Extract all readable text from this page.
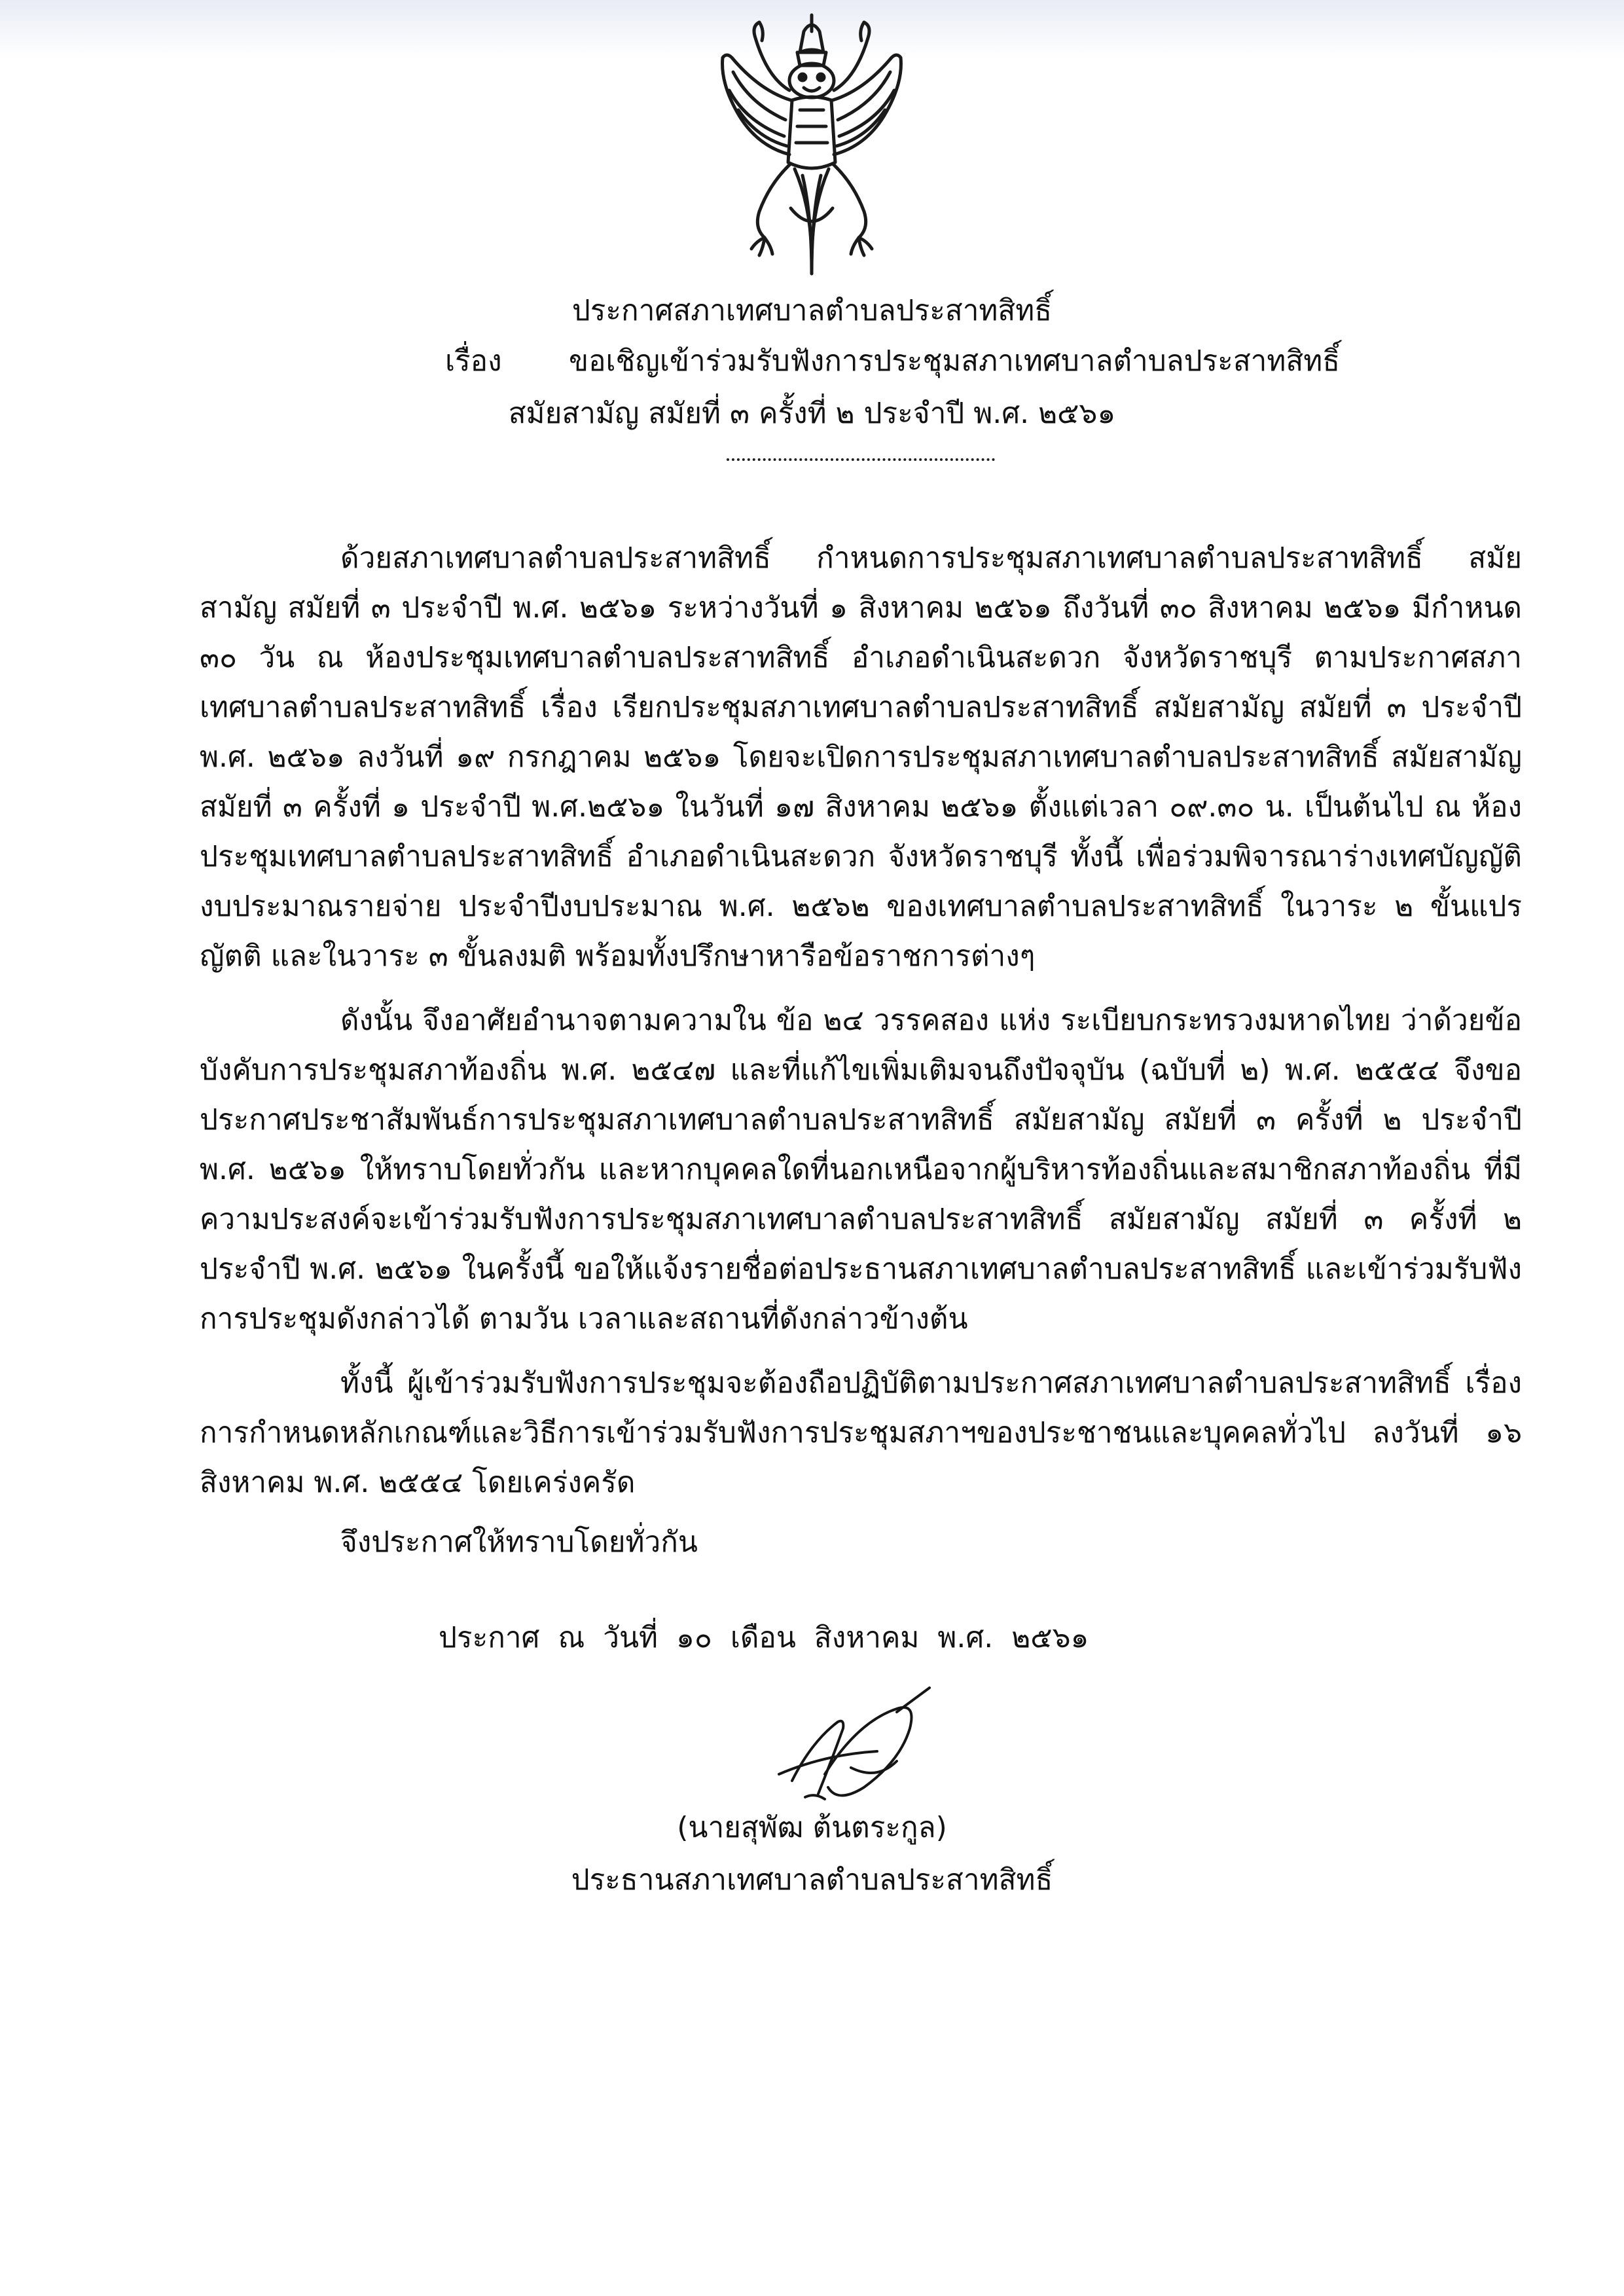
ประกาศสภาเทศบาลตำบลประสาทสิทธิ์
เรื่อง ขอเชิญเข้าร่วมรับฟังการประชุมสภาเทศบาลตำบลประสาทสิทธิ์
สมัยสามัญ สมัยที่ ๓ ครั้งที่ ๒ ประจำปี พ.ศ. ๒๕๖๑

ด้วยสภาเทศบาลตำบลประสาทสิทธิ์ กำหนดการประชุมสภาเทศบาลตำบลประสาทสิทธิ์ สมัยสามัญ สมัยที่ ๓ ประจำปี พ.ศ. ๒๕๖๑ ระหว่างวันที่ ๑ สิงหาคม ๒๕๖๑ ถึงวันที่ ๓๐ สิงหาคม ๒๕๖๑ มีกำหนด ๓๐ วัน ณ ห้องประชุมเทศบาลตำบลประสาทสิทธิ์ อำเภอดำเนินสะดวก จังหวัดราชบุรี ตามประกาศสภาเทศบาลตำบลประสาทสิทธิ์ เรื่อง เรียกประชุมสภาเทศบาลตำบลประสาทสิทธิ์ สมัยสามัญ สมัยที่ ๓ ประจำปี พ.ศ. ๒๕๖๑ ลงวันที่ ๑๙ กรกฎาคม ๒๕๖๑ โดยจะเปิดการประชุมสภาเทศบาลตำบลประสาทสิทธิ์ สมัยสามัญ สมัยที่ ๓ ครั้งที่ ๑ ประจำปี พ.ศ.๒๕๖๑ ในวันที่ ๑๗ สิงหาคม ๒๕๖๑ ตั้งแต่เวลา ๐๙.๓๐ น. เป็นต้นไป ณ ห้องประชุมเทศบาลตำบลประสาทสิทธิ์ อำเภอดำเนินสะดวก จังหวัดราชบุรี ทั้งนี้ เพื่อร่วมพิจารณาร่างเทศบัญญัติงบประมาณรายจ่าย ประจำปีงบประมาณ พ.ศ. ๒๕๖๒ ของเทศบาลตำบลประสาทสิทธิ์ ในวาระ ๒ ขั้นแปรญัตติ และในวาระ ๓ ขั้นลงมติ พร้อมทั้งปรึกษาหารือข้อราชการต่างๆ

ดังนั้น จึงอาศัยอำนาจตามความใน ข้อ ๒๔ วรรคสอง แห่ง ระเบียบกระทรวงมหาดไทย ว่าด้วยข้อบังคับการประชุมสภาท้องถิ่น พ.ศ. ๒๕๔๗ และที่แก้ไขเพิ่มเติมจนถึงปัจจุบัน (ฉบับที่ ๒) พ.ศ. ๒๕๕๔ จึงขอประกาศประชาสัมพันธ์การประชุมสภาเทศบาลตำบลประสาทสิทธิ์ สมัยสามัญ สมัยที่ ๓ ครั้งที่ ๒ ประจำปี พ.ศ. ๒๕๖๑ ให้ทราบโดยทั่วกัน และหากบุคคลใดที่นอกเหนือจากผู้บริหารท้องถิ่นและสมาชิกสภาท้องถิ่น ที่มีความประสงค์จะเข้าร่วมรับฟังการประชุมสภาเทศบาลตำบลประสาทสิทธิ์ สมัยสามัญ สมัยที่ ๓ ครั้งที่ ๒ ประจำปี พ.ศ. ๒๕๖๑ ในครั้งนี้ ขอให้แจ้งรายชื่อต่อประธานสภาเทศบาลตำบลประสาทสิทธิ์ และเข้าร่วมรับฟังการประชุมดังกล่าวได้ ตามวัน เวลาและสถานที่ดังกล่าวข้างต้น

ทั้งนี้ ผู้เข้าร่วมรับฟังการประชุมจะต้องถือปฏิบัติตามประกาศสภาเทศบาลตำบลประสาทสิทธิ์ เรื่อง การกำหนดหลักเกณฑ์และวิธีการเข้าร่วมรับฟังการประชุมสภาฯของประชาชนและบุคคลทั่วไป ลงวันที่ ๑๖ สิงหาคม พ.ศ. ๒๕๕๔ โดยเคร่งครัด

จึงประกาศให้ทราบโดยทั่วกัน
ประกาศ ณ วันที่ ๑๐ เดือน สิงหาคม พ.ศ. ๒๕๖๑
(นายสุพัฒ ต้นตระกูล)
ประธานสภาเทศบาลตำบลประสาทสิทธิ์
